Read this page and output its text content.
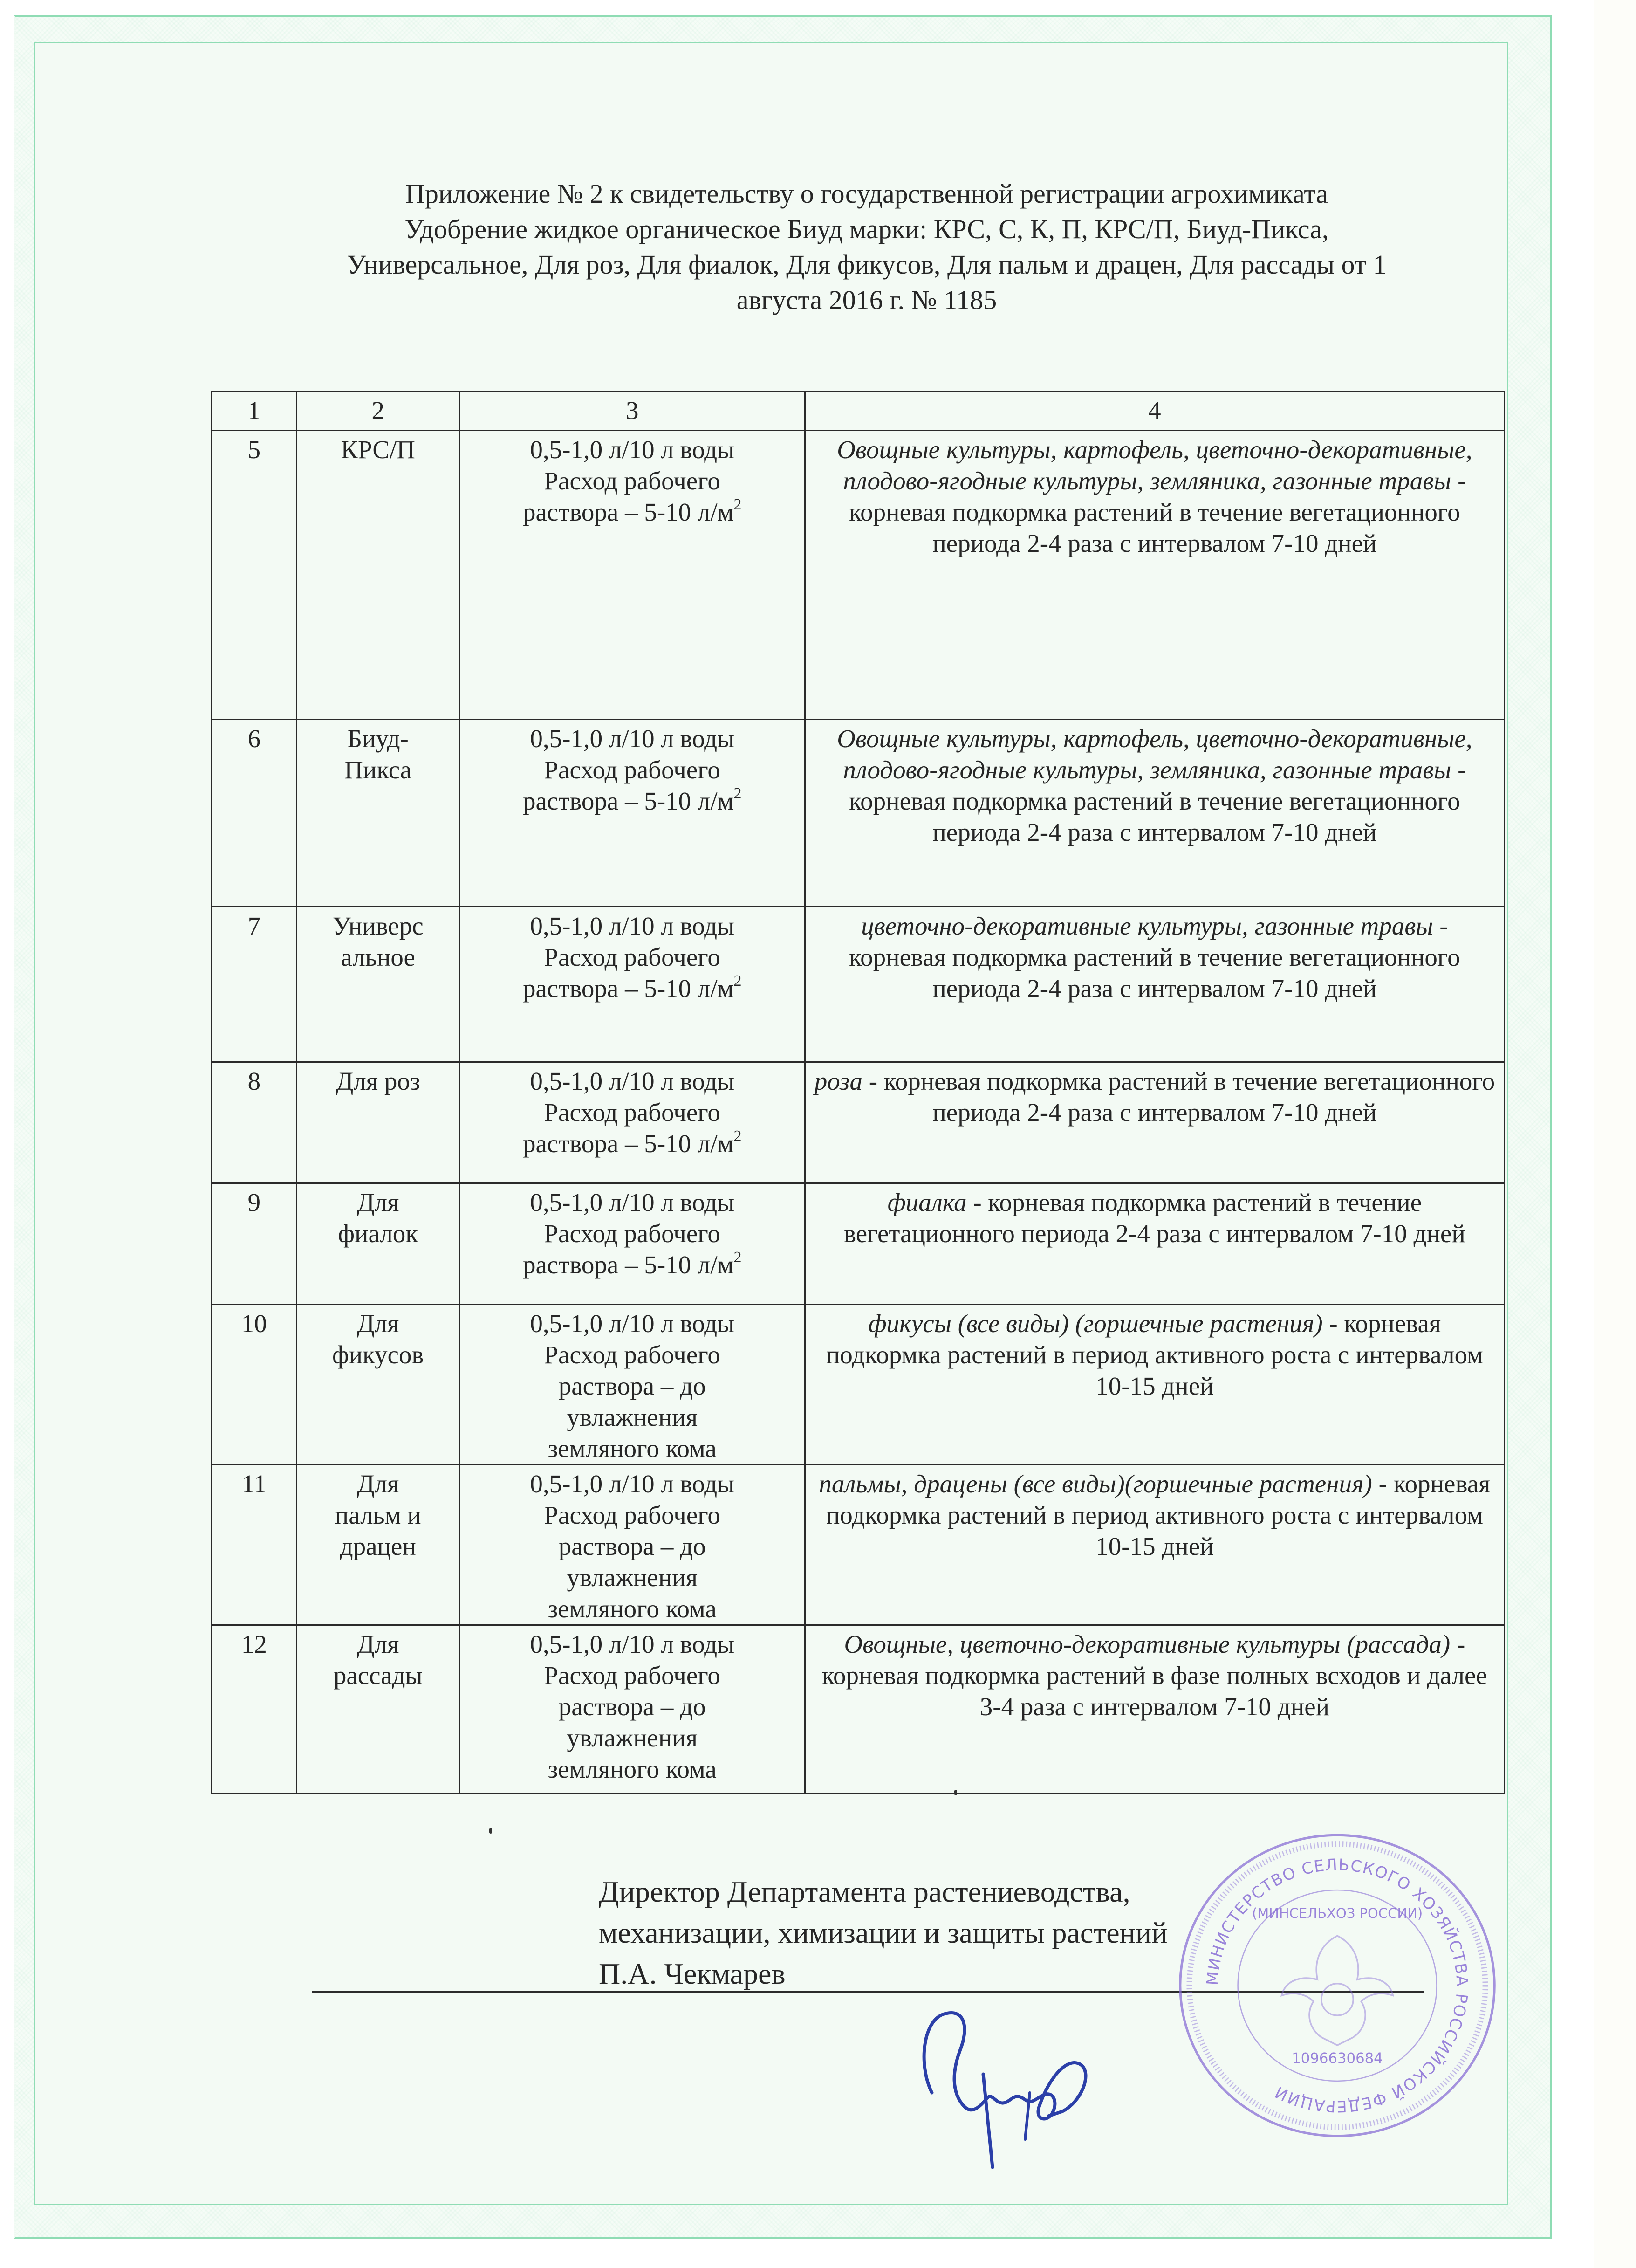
Приложение № 2 к свидетельству о государственной регистрации агрохимиката
Удобрение жидкое органическое Биуд марки: КРС, С, К, П, КРС/П, Биуд-Пикса,
Универсальное, Для роз, Для фиалок, Для фикусов, Для пальм и драцен, Для рассады от 1
августа 2016 г. № 1185
1	2	3	4
5	КРС/П	0,5-1,0 л/10 л воды
Расход рабочего
раствора – 5-10 $л/м^2$	Овощные культуры, картофель, цветочно-декоративные, плодово-ягодные культуры, земляника, газонные травы - корневая подкормка растений в течение вегетационного периода 2-4 раза с интервалом 7-10 дней
6	Биуд-
Пикса	0,5-1,0 л/10 л воды
Расход рабочего
раствора – 5-10 $л/м^2$	Овощные культуры, картофель, цветочно-декоративные, плодово-ягодные культуры, земляника, газонные травы - корневая подкормка растений в течение вегетационного периода 2-4 раза с интервалом 7-10 дней
7	Универс
альное	0,5-1,0 л/10 л воды
Расход рабочего
раствора – 5-10 $л/м^2$	цветочно-декоративные культуры, газонные травы - корневая подкормка растений в течение вегетационного периода 2-4 раза с интервалом 7-10 дней
8	Для роз	0,5-1,0 л/10 л воды
Расход рабочего
раствора – 5-10 $л/м^2$	роза - корневая подкормка растений в течение вегетационного периода 2-4 раза с интервалом 7-10 дней
9	Для
фиалок	0,5-1,0 л/10 л воды
Расход рабочего
раствора – 5-10 $л/м^2$	фиалка - корневая подкормка растений в течение вегетационного периода 2-4 раза с интервалом 7-10 дней
10	Для
фикусов	0,5-1,0 л/10 л воды
Расход рабочего
раствора – до
увлажнения
земляного кома	фикусы (все виды) (горшечные растения) - корневая подкормка растений в период активного роста с интервалом 10-15 дней
11	Для
пальм и
драцен	0,5-1,0 л/10 л воды
Расход рабочего
раствора – до
увлажнения
земляного кома	пальмы, драцены (все виды)(горшечные растения) - корневая подкормка растений в период активного роста с интервалом 10-15 дней
12	Для
рассады	0,5-1,0 л/10 л воды
Расход рабочего
раствора – до
увлажнения
земляного кома	Овощные, цветочно-декоративные культуры (рассада) - корневая подкормка растений в фазе полных всходов и далее 3-4 раза с интервалом 7-10 дней
Директор Департамента растениеводства,
механизации, химизации и защиты растений
П.А. Чекмарев	МИНИСТЕРСТВО СЕЛЬСКОГО ХОЗЯЙСТВА РОССИЙСКОЙ ФЕДЕРАЦИИ
(МИНСЕЛЬХОЗ РОССИИ)
1096630684
